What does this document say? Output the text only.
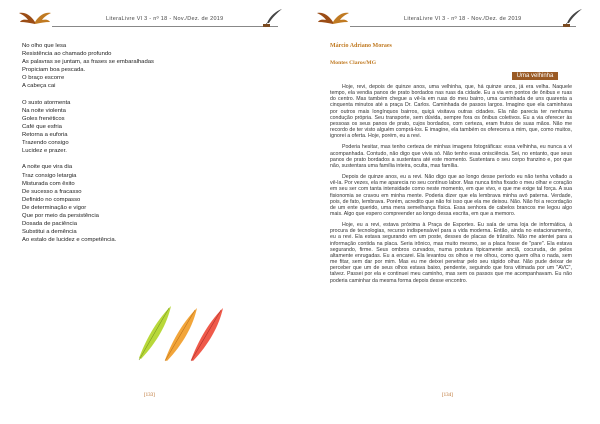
LiteraLivre Vl 3 - nº 18 - Nov./Dez. de 2019
No olho que lesa
Resistência ao chamado profundo
As palavras se juntam, as frases se embaralhadas
Propiciam boa pescada.
O braço escorre
A cabeça cai
O susto atormenta
Na noite violenta
Goles frenéticos
Café que esfria
Retorna a euforia
Trazendo consigo
Lucidez e prazer.
A noite que vira dia
Traz consigo letargia
Misturada com êxito
De sucesso a fracasso
Definido no compasso
De determinação e vigor
Que por meio da persistência
Dosada de paciência
Substitui a demência
Ao estalo de lucidez e competência.
[133]
LiteraLivre Vl 3 - nº 18 - Nov./Dez. de 2019
Márcio Adriano Moraes
Montes Claros/MG
Uma velhinha

Hoje, revi, depois de quinze anos, uma velhinha, que, há quinze anos, já era velha. Naquele tempo, ela vendia panos de prato bordados nas ruas da cidade. Eu a via em pontos de ônibus e ruas do centro. Mas também chegue a vê-la em ruas do meu bairro, uma caminhada de uns quarenta a cinquenta minutos até a praça Dr. Carlos. Caminhada de passos largos. Imagino que ela caminhava por outros mais longínquos bairros, quiçá visitava outras cidades. Ela não parecia ter nenhuma condução própria. Seu transporte, sem dúvida, sempre fora os ônibus coletivos. Eu a via oferecer às pessoas os seus panos de prato, cujos bordados, com certeza, eram frutos de suas mãos. Não me recordo de ter visto alguém comprá-los. E imagine, ela também os oferecera a mim, que, como muitos, ignorei a oferta. Hoje, porém, eu a revi.

Poderia hesitar, mas tenho certeza de minhas imagens fotográficas: essa velhinha, eu nunca a vi acompanhada. Contudo, não digo que vivia só. Não tenho essa onisciência. Sei, no entanto, que seus panos de prato bordados a sustentara até este momento. Sustentara o seu corpo franzino e, por que não, sustentara uma família inteira, oculta, mas família.

Depois de quinze anos, eu a revi. Não digo que ao longo desse período eu não tenha voltado a vê-la. Por vezes, ela me aparecia no seu contínuo labor. Mas nunca tinha fixado o meu olhar e coração em seu ser com tanta intensidade como neste momento, em que vivo, e que me exige tal força. A sua fisionomia se cravou em minha mente. Poderia dizer que ela lembrava minha avó paterna. Verdade, pois, de fato, lembrava. Porém, acredito que não foi isso que ela me deixou. Não. Não foi a recordação de um ente querido, uma mera semelhança física. Essa senhora de cabelos brancos me legou algo mais. Algo que espero compreender ao longo dessa escrita, em que a memoro.

Hoje, eu a revi, estava próxima à Praça de Esportes. Eu saía de uma loja de informática, à procura de tecnologias, recurso indispensável para a vida moderna. Então, ainda no estacionamento, eu a revi. Ela estava segurando em um poste, desses de placas de trânsito. Não me atentei para a informação contida na placa. Seria irônico, mas muito mesmo, se a placa fosse de "pare". Ela estava segurando, firme. Seus ombros curvados, numa postura tipicamente anciã, cocuruda, de pelos altamente enrugadas. Eu a encarei. Ela levantou os olhos e me olhou, como quem olha o nada, sem me fitar, sem dar por mim. Mas eu me deixei penetrar pelo seu rápido olhar. Não pude deixar de perceber que um de seus olhos estava baixo, pendente, seguindo que fora vitimada por um "AVC", talvez. Passei por ela e continuei meu caminho, mas sem os passos que me acompanhavam. Eu não poderia caminhar da mesma forma depois desse encontro.

[134]
